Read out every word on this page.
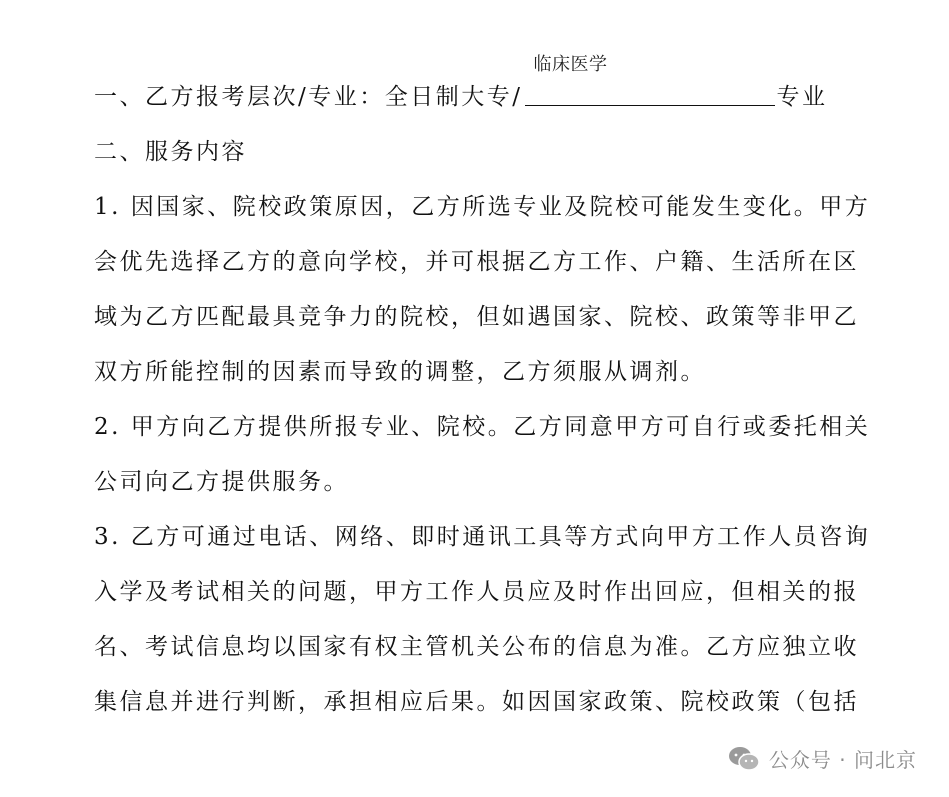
一、乙方报考层次/专业：全日制大专/
临床医学
专业
二、服务内容
1. 因国家、院校政策原因，乙方所选专业及院校可能发生变化。甲方
会优先选择乙方的意向学校，并可根据乙方工作、户籍、生活所在区
域为乙方匹配最具竞争力的院校，但如遇国家、院校、政策等非甲乙
双方所能控制的因素而导致的调整，乙方须服从调剂。
2. 甲方向乙方提供所报专业、院校。乙方同意甲方可自行或委托相关
公司向乙方提供服务。
3. 乙方可通过电话、网络、即时通讯工具等方式向甲方工作人员咨询
入学及考试相关的问题，甲方工作人员应及时作出回应，但相关的报
名、考试信息均以国家有权主管机关公布的信息为准。乙方应独立收
集信息并进行判断，承担相应后果。如因国家政策、院校政策（包括
公众号 · 问北京
